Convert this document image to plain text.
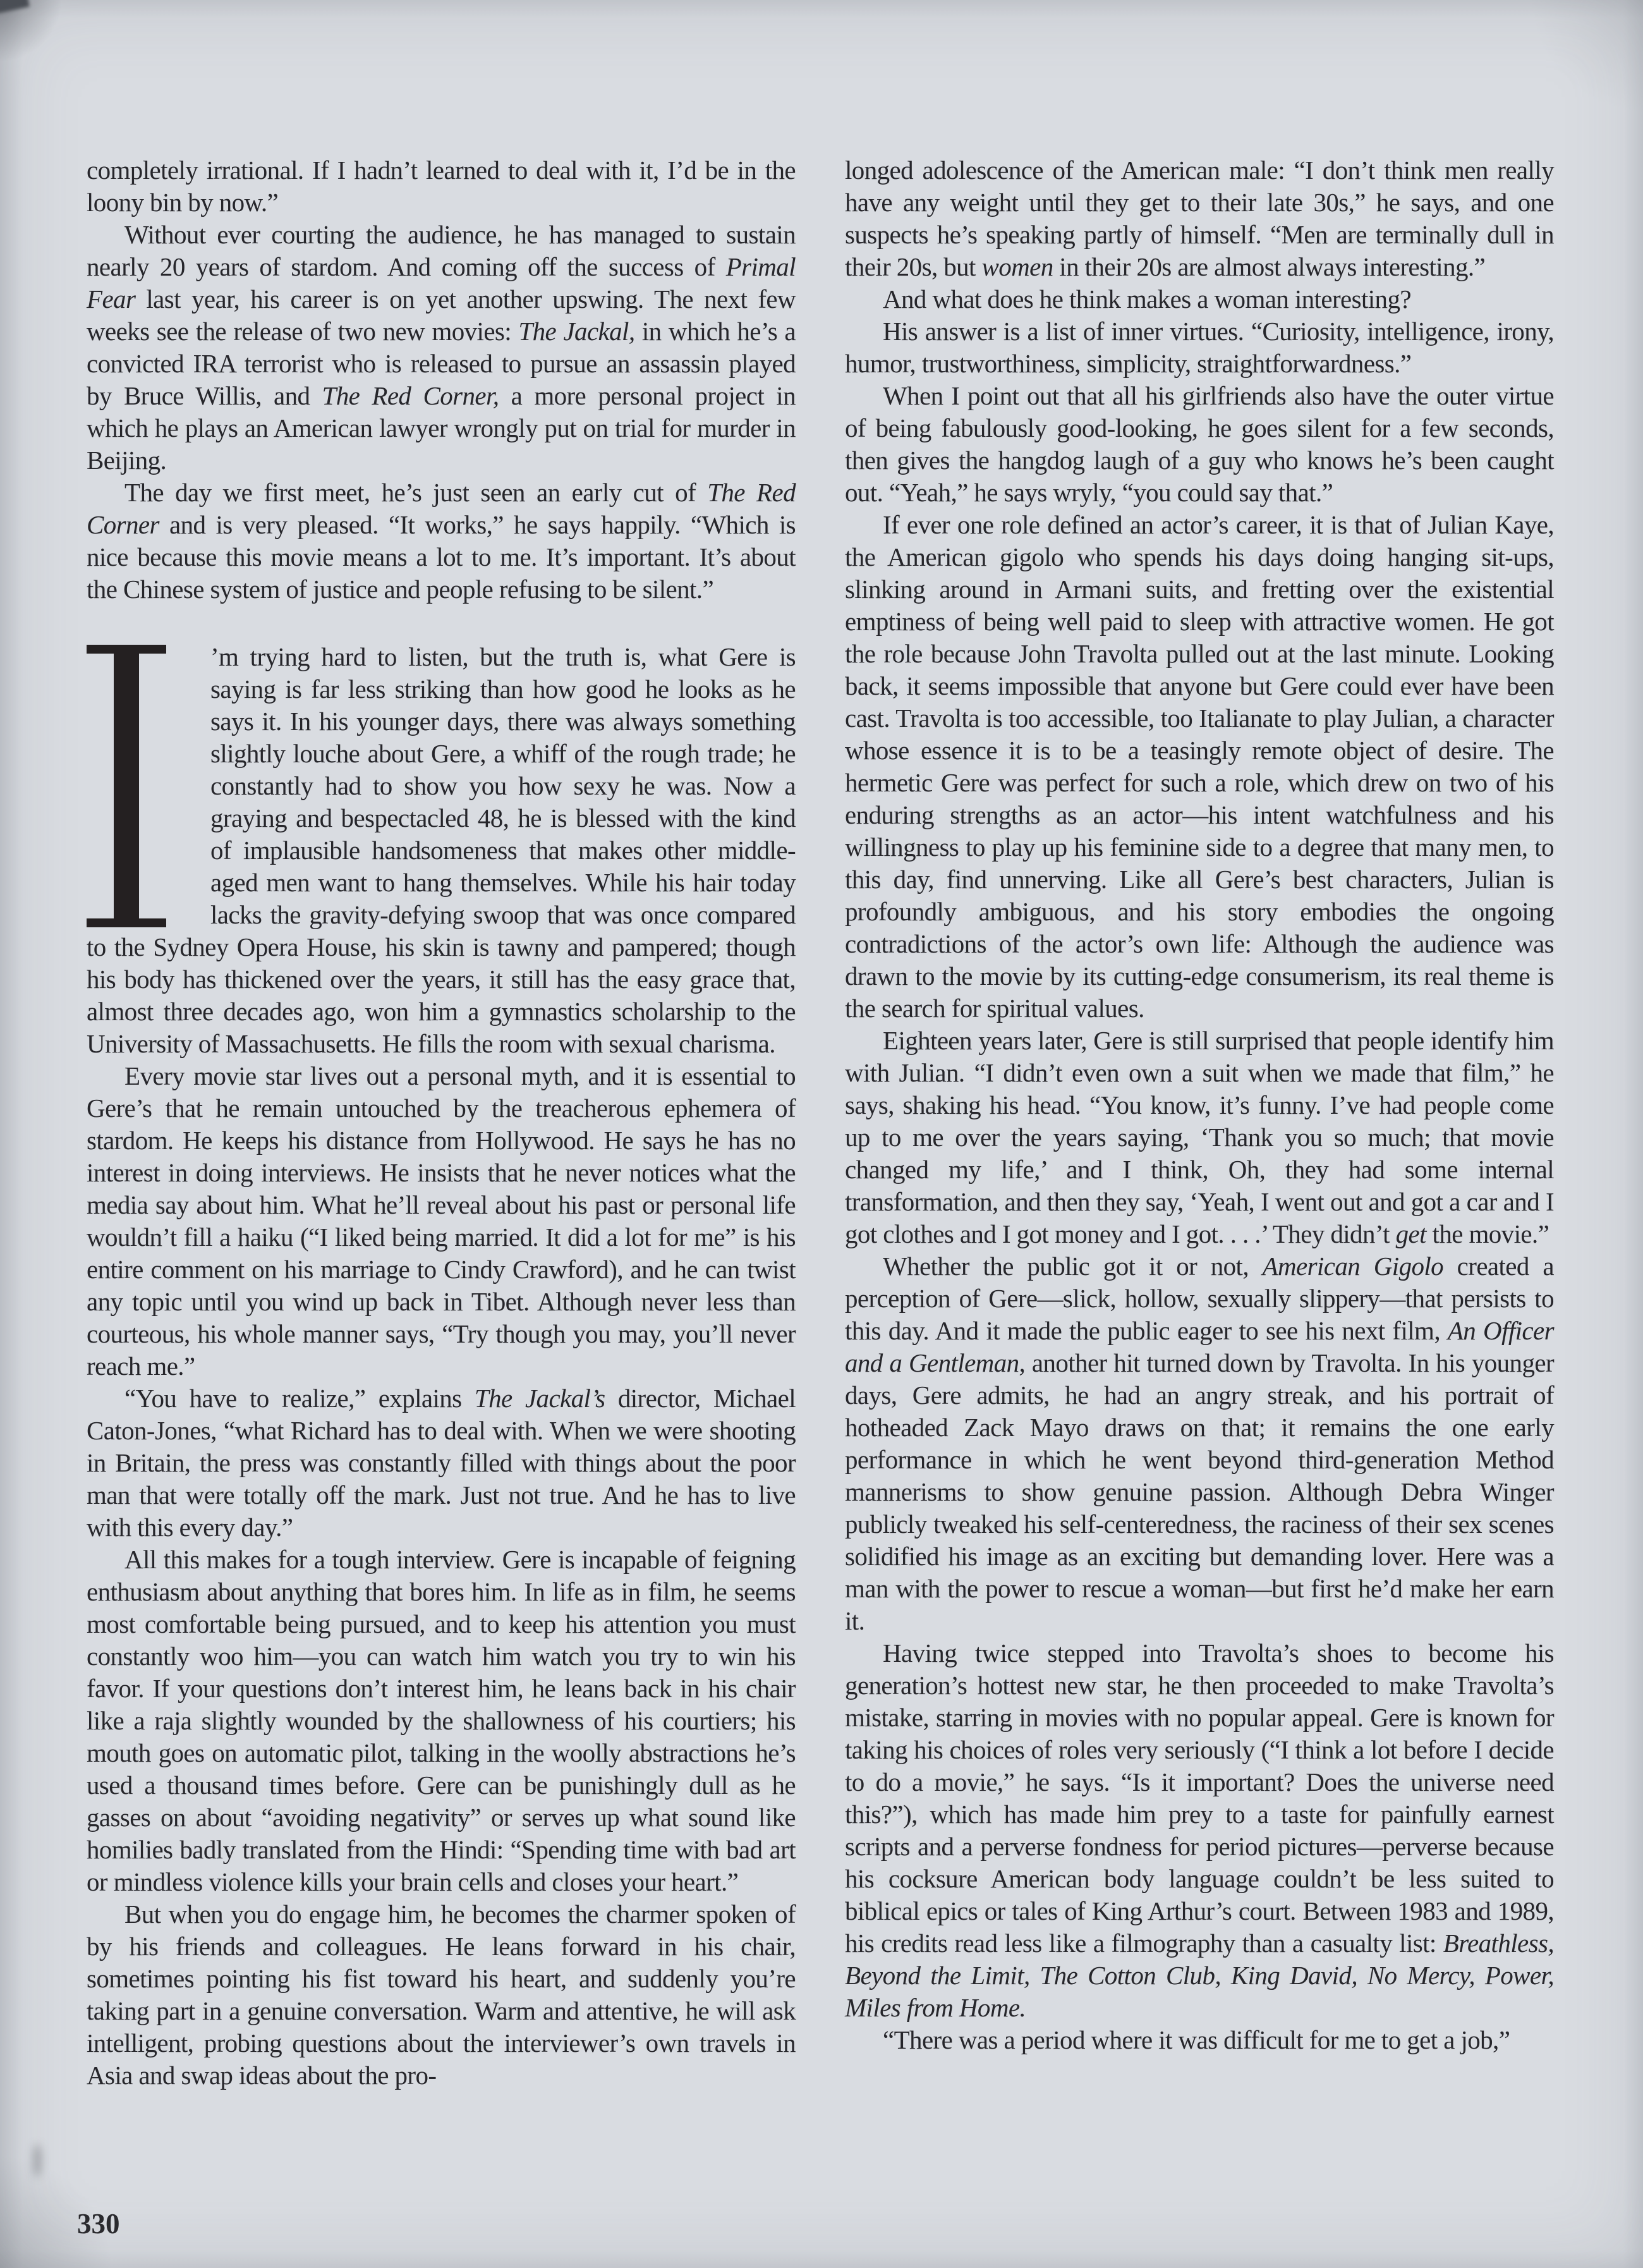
completely irrational. If I hadn’t learned to deal with it, I’d be in the loony bin by now.”

Without ever courting the audience, he has managed to sustain nearly 20 years of stardom. And coming off the success of Primal Fear last year, his career is on yet another upswing. The next few weeks see the release of two new movies: The Jackal, in which he’s a convicted IRA terrorist who is released to pursue an assassin played by Bruce Willis, and The Red Corner, a more personal project in which he plays an American lawyer wrongly put on trial for murder in Beijing.

The day we first meet, he’s just seen an early cut of The Red Corner and is very pleased. “It works,” he says happily. “Which is nice because this movie means a lot to me. It’s important. It’s about the Chinese system of justice and people refusing to be silent.”

’m trying hard to listen, but the truth is, what Gere is saying is far less striking than how good he looks as he says it. In his younger days, there was always something slightly louche about Gere, a whiff of the rough trade; he constantly had to show you how sexy he was. Now a graying and bespectacled 48, he is blessed with the kind of implausible handsomeness that makes other middle-aged men want to hang themselves. While his hair today lacks the gravity-defying swoop that was once compared to the Sydney Opera House, his skin is tawny and pampered; though his body has thickened over the years, it still has the easy grace that, almost three decades ago, won him a gymnastics scholarship to the University of Massachusetts. He fills the room with sexual charisma.

Every movie star lives out a personal myth, and it is essential to Gere’s that he remain untouched by the treacherous ephemera of stardom. He keeps his distance from Hollywood. He says he has no interest in doing interviews. He insists that he never notices what the media say about him. What he’ll reveal about his past or personal life wouldn’t fill a haiku (“I liked being married. It did a lot for me” is his entire comment on his marriage to Cindy Crawford), and he can twist any topic until you wind up back in Tibet. Although never less than courteous, his whole manner says, “Try though you may, you’ll never reach me.”

“You have to realize,” explains The Jackal’s director, Michael Caton-Jones, “what Richard has to deal with. When we were shooting in Britain, the press was constantly filled with things about the poor man that were totally off the mark. Just not true. And he has to live with this every day.”

All this makes for a tough interview. Gere is incapable of feigning enthusiasm about anything that bores him. In life as in film, he seems most comfortable being pursued, and to keep his attention you must constantly woo him—you can watch him watch you try to win his favor. If your questions don’t interest him, he leans back in his chair like a raja slightly wounded by the shallowness of his courtiers; his mouth goes on automatic pilot, talking in the woolly abstractions he’s used a thousand times before. Gere can be punishingly dull as he gasses on about “avoiding negativity” or serves up what sound like homilies badly translated from the Hindi: “Spending time with bad art or mindless violence kills your brain cells and closes your heart.”

But when you do engage him, he becomes the charmer spoken of by his friends and colleagues. He leans forward in his chair, sometimes pointing his fist toward his heart, and suddenly you’re taking part in a genuine conversation. Warm and attentive, he will ask intelligent, probing questions about the interviewer’s own travels in Asia and swap ideas about the pro-

longed adolescence of the American male: “I don’t think men really have any weight until they get to their late 30s,” he says, and one suspects he’s speaking partly of himself. “Men are terminally dull in their 20s, but women in their 20s are almost always interesting.”

And what does he think makes a woman interesting?

His answer is a list of inner virtues. “Curiosity, intelligence, irony, humor, trustworthiness, simplicity, straightforwardness.”

When I point out that all his girlfriends also have the outer virtue of being fabulously good-looking, he goes silent for a few seconds, then gives the hangdog laugh of a guy who knows he’s been caught out. “Yeah,” he says wryly, “you could say that.”

If ever one role defined an actor’s career, it is that of Julian Kaye, the American gigolo who spends his days doing hanging sit-ups, slinking around in Armani suits, and fretting over the existential emptiness of being well paid to sleep with attractive women. He got the role because John Travolta pulled out at the last minute. Looking back, it seems impossible that anyone but Gere could ever have been cast. Travolta is too accessible, too Italianate to play Julian, a character whose essence it is to be a teasingly remote object of desire. The hermetic Gere was perfect for such a role, which drew on two of his enduring strengths as an actor—his intent watchfulness and his willingness to play up his feminine side to a degree that many men, to this day, find unnerving. Like all Gere’s best characters, Julian is profoundly ambiguous, and his story embodies the ongoing contradictions of the actor’s own life: Although the audience was drawn to the movie by its cutting-edge consumerism, its real theme is the search for spiritual values.

Eighteen years later, Gere is still surprised that people identify him with Julian. “I didn’t even own a suit when we made that film,” he says, shaking his head. “You know, it’s funny. I’ve had people come up to me over the years saying, ‘Thank you so much; that movie changed my life,’ and I think, Oh, they had some internal transformation, and then they say, ‘Yeah, I went out and got a car and I got clothes and I got money and I got. . . .’ They didn’t get the movie.”

Whether the public got it or not, American Gigolo created a perception of Gere—slick, hollow, sexually slippery—that persists to this day. And it made the public eager to see his next film, An Officer and a Gentleman, another hit turned down by Travolta. In his younger days, Gere admits, he had an angry streak, and his portrait of hotheaded Zack Mayo draws on that; it remains the one early performance in which he went beyond third-generation Method mannerisms to show genuine passion. Although Debra Winger publicly tweaked his self-centeredness, the raciness of their sex scenes solidified his image as an exciting but demanding lover. Here was a man with the power to rescue a woman—but first he’d make her earn it.

Having twice stepped into Travolta’s shoes to become his generation’s hottest new star, he then proceeded to make Travolta’s mistake, starring in movies with no popular appeal. Gere is known for taking his choices of roles very seriously (“I think a lot before I decide to do a movie,” he says. “Is it important? Does the universe need this?”), which has made him prey to a taste for painfully earnest scripts and a perverse fondness for period pictures—perverse because his cocksure American body language couldn’t be less suited to biblical epics or tales of King Arthur’s court. Between 1983 and 1989, his credits read less like a filmography than a casualty list: Breathless, Beyond the Limit, The Cotton Club, King David, No Mercy, Power, Miles from Home.

“There was a period where it was difficult for me to get a job,”

330
